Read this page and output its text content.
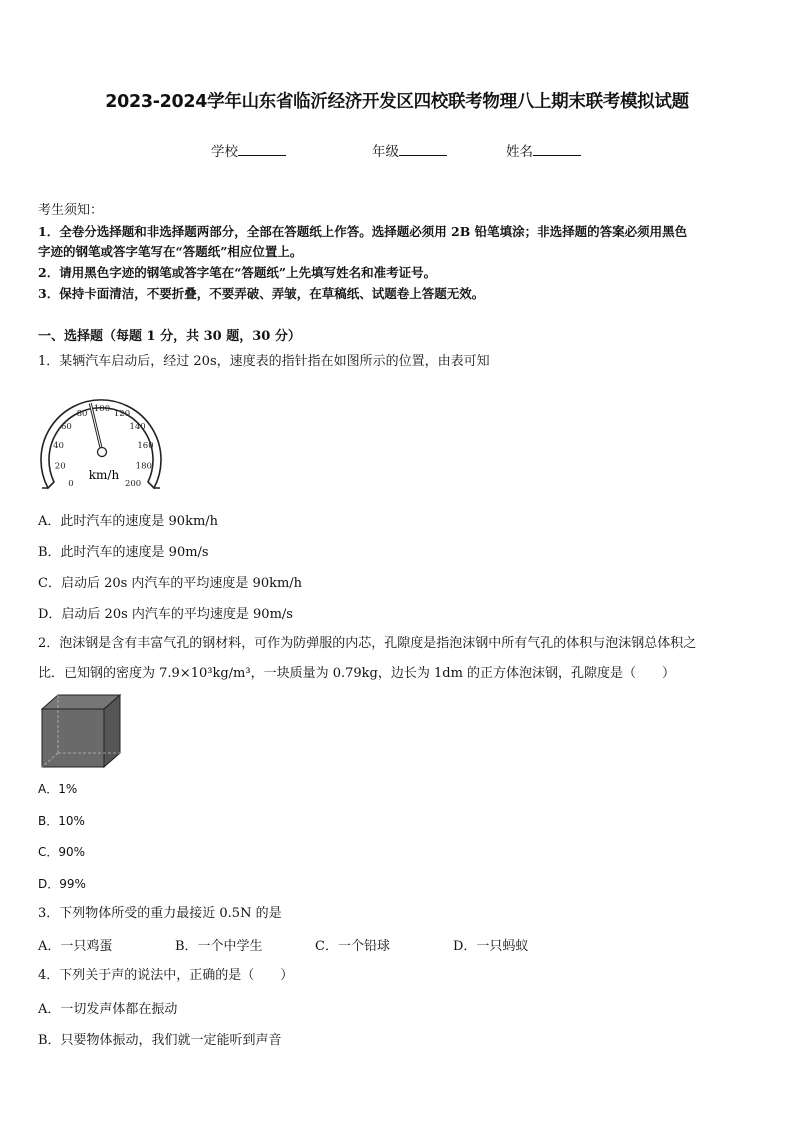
2023-2024学年山东省临沂经济开发区四校联考物理八上期末联考模拟试题
学校	年级	姓名
考生须知：
1．全卷分选择题和非选择题两部分，全部在答题纸上作答。选择题必须用 2B 铅笔填涂；非选择题的答案必须用黑色
字迹的钢笔或答字笔写在“答题纸”相应位置上。
2．请用黑色字迹的钢笔或答字笔在“答题纸”上先填写姓名和准考证号。
3．保持卡面清洁，不要折叠，不要弄破、弄皱，在草稿纸、试题卷上答题无效。
一、选择题（每题 1 分，共 30 题，30 分）
1．某辆汽车启动后，经过 20s，速度表的指针指在如图所示的位置，由表可知
0
20
40
60
80 100 120
140
160
180
200
km/h
A．此时汽车的速度是 90km/h
B．此时汽车的速度是 90m/s
C．启动后 20s 内汽车的平均速度是 90km/h
D．启动后 20s 内汽车的平均速度是 90m/s
2．泡沫钢是含有丰富气孔的钢材料，可作为防弹服的内芯，孔隙度是指泡沫钢中所有气孔的体积与泡沫钢总体积之
比．已知钢的密度为 7.9×10³kg/m³，一块质量为 0.79kg，边长为 1dm 的正方体泡沫钢，孔隙度是（　　）
A．1%
B．10%
C．90%
D．99%
3．下列物体所受的重力最接近 0.5N 的是
A．一只鸡蛋	B．一个中学生	C．一个铅球	D．一只蚂蚁
4．下列关于声的说法中，正确的是（　　）
A．一切发声体都在振动
B．只要物体振动，我们就一定能听到声音
